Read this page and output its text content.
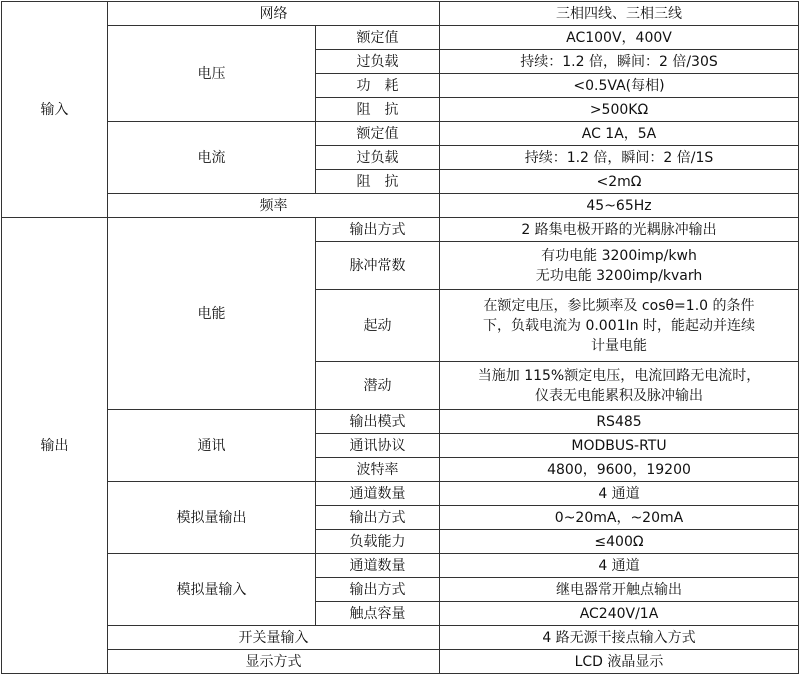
输入	网络		三相四线、三相三线
	电压	额定值	AC100V，400V
		过负载	持续：1.2 倍，瞬间：2 倍/30S
		功　耗	<0.5VA(每相)
		阻　抗	>500KΩ
	电流	额定值	AC 1A，5A
		过负载	持续：1.2 倍，瞬间：2 倍/1S
		阻　抗	<2mΩ
	频率		45~65Hz
输出	电能	输出方式	2 路集电极开路的光耦脉冲输出
		脉冲常数	有功电能 3200imp/kwh
无功电能 3200imp/kvarh

		起动	在额定电压，参比频率及 cosθ=1.0 的条件
下，负载电流为 0.001In 时，能起动并连续
计量电能

		潜动	当施加 115%额定电压，电流回路无电流时，
仪表无电能累积及脉冲输出

	通讯	输出模式	RS485
		通讯协议	MODBUS-RTU
		波特率	4800，9600，19200
	模拟量输出	通道数量	4 通道
		输出方式	0~20mA，~20mA
		负载能力	≤400Ω
	模拟量输入	通道数量	4 通道
		输出方式	继电器常开触点输出
		触点容量	AC240V/1A
	开关量输入		4 路无源干接点输入方式
	显示方式		LCD 液晶显示
